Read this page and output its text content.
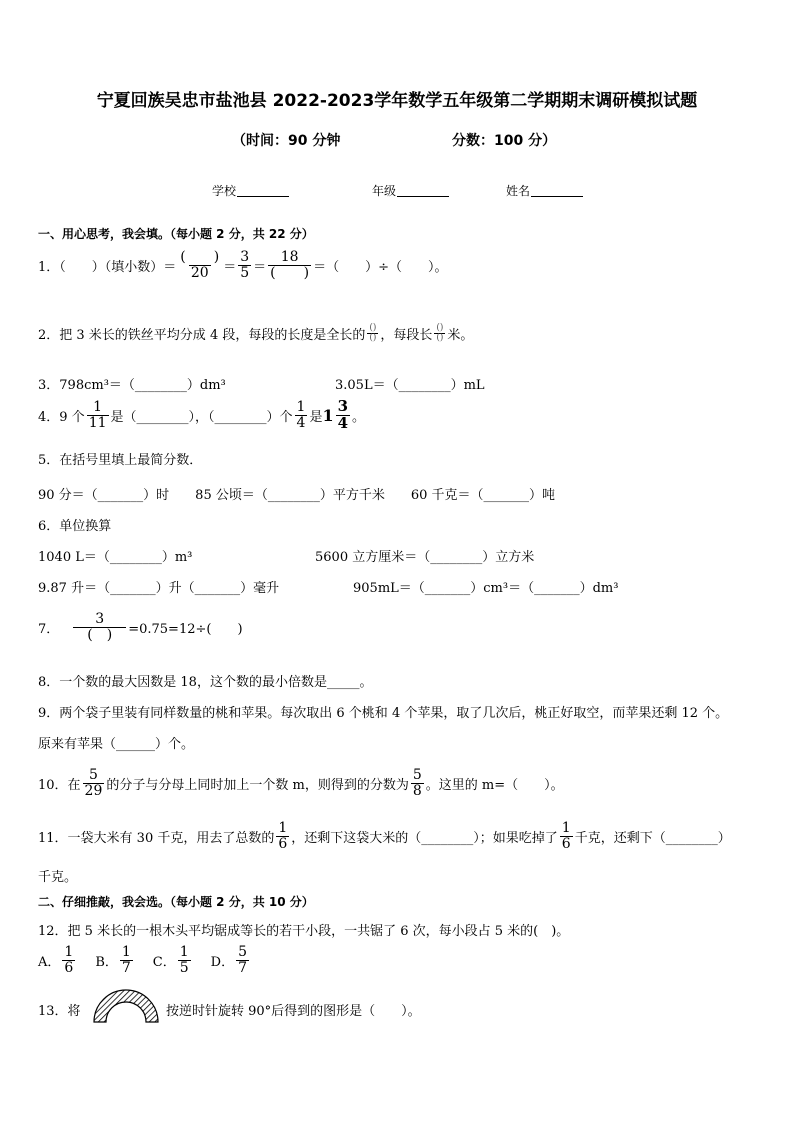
宁夏回族吴忠市盐池县 2022-2023学年数学五年级第二学期期末调研模拟试题
（时间：90 分钟	分数：100 分）
学校	年级	姓名
一、用心思考，我会填。（每小题 2 分，共 22 分）
1．（　　）（填小数）＝ $\frac{( )}{20} = \frac{3}{5} = \frac{18}{( )}$ ＝（　　）÷（　　）。
2．把 3 米长的铁丝平均分成 4 段，每段的长度是全长的 $\frac{()}{()}$ ，每段长 $\frac{()}{()}$ 米。
3．798cm³＝（________）dm³	3.05L＝（________）mL
4．9 个 $\frac{1}{11}$ 是（________），（________）个 $\frac{1}{4}$ 是 $1 \frac{3}{4}$ 。
5．在括号里填上最简分数．
90 分＝（_______）时　　85 公顷＝（________）平方千米　　60 千克＝（_______）吨
6．单位换算
1040 L＝（________）m³	5600 立方厘米＝（________）立方米
9.87 升＝（_______）升（_______）毫升	905mL＝（_______）cm³＝（_______）dm³
7． $\frac{3}{( )} =0.75=12\div$(　　)
8．一个数的最大因数是 18，这个数的最小倍数是_____。
9．两个袋子里装有同样数量的桃和苹果。每次取出 6 个桃和 4 个苹果，取了几次后，桃正好取空，而苹果还剩 12 个。
原来有苹果（______）个。
10．在 $\frac{5}{29}$ 的分子与分母上同时加上一个数 m，则得到的分数为 $\frac{5}{8}$ 。这里的 m=（　　）。
11．一袋大米有 30 千克，用去了总数的 $\frac{1}{6}$ ，还剩下这袋大米的（________）；如果吃掉了 $\frac{1}{6}$ 千克，还剩下（________）
千克。
二、仔细推敲，我会选。（每小题 2 分，共 10 分）
12．把 5 米长的一根木头平均锯成等长的若干小段，一共锯了 6 次，每小段占 5 米的(　)。
A． $\frac{1}{6}$ B． $\frac{1}{7}$ C． $\frac{1}{5}$ D． $\frac{5}{7}$
13．将	按逆时针旋转 90°后得到的图形是（　　）。
